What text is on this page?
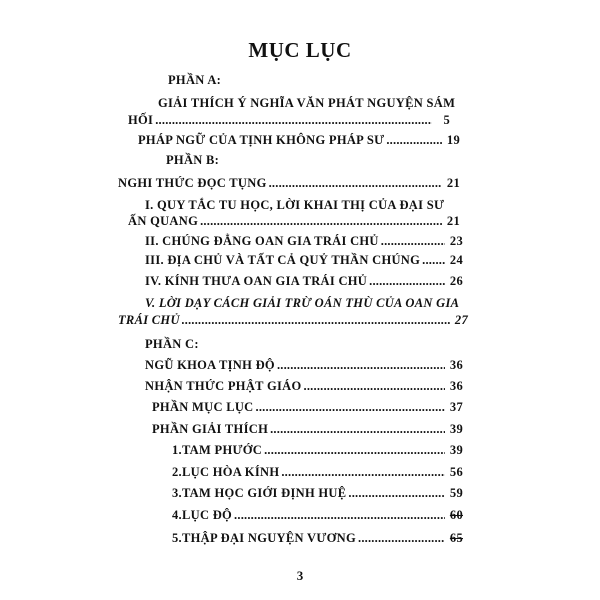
MỤC LỤC
PHẦN A:
GIẢI THÍCH Ý NGHĨA VĂN PHÁT NGUYỆN SÁM
HỐI .....	5
PHÁP NGỮ CỦA TỊNH KHÔNG PHÁP SƯ .....	19
PHẦN B:
NGHI THỨC ĐỌC TỤNG .....	21
I. QUY TẮC TU HỌC, LỜI KHAI THỊ CỦA ĐẠI SƯ
ẤN QUANG .....	21
II. CHÚNG ĐẲNG OAN GIA TRÁI CHỦ .....	23
III. ĐỊA CHỦ VÀ TẤT CẢ QUỶ THẦN CHÚNG ..... 24
IV. KÍNH THƯA OAN GIA TRÁI CHỦ .....	26
V. LỜI DẠY CÁCH GIẢI TRỪ OÁN THÙ CỦA OAN GIA
TRÁI CHỦ .....	27
PHẦN C:
NGŨ KHOA TỊNH ĐỘ .....	36
NHẬN THỨC PHẬT GIÁO .....	36
PHẦN MỤC LỤC .....	37
PHẦN GIẢI THÍCH .....	39
1.TAM PHƯỚC .....	39
2.LỤC HÒA KÍNH .....	56
3.TAM HỌC GIỚI ĐỊNH HUỆ .....	59
4.LỤC ĐỘ .....	60
5.THẬP ĐẠI NGUYỆN VƯƠNG .....	65
3
